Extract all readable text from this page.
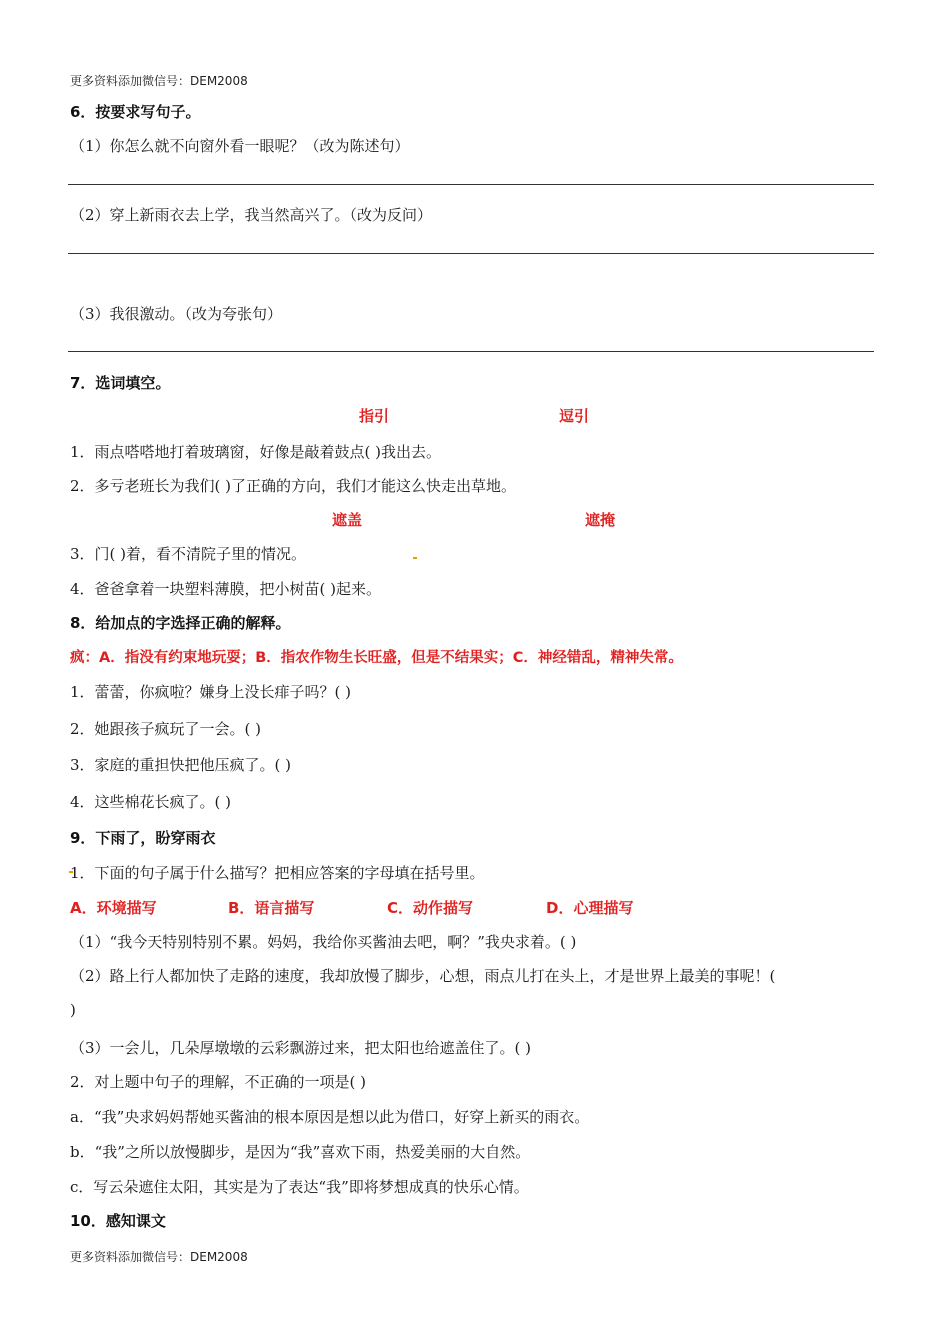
更多资料添加微信号：DEM2008
6．按要求写句子。
（1）你怎么就不向窗外看一眼呢？（改为陈述句）
（2）穿上新雨衣去上学，我当然高兴了。（改为反问）
（3）我很激动。（改为夸张句）
7．选词填空。
指引	逗引
1．雨点嗒嗒地打着玻璃窗，好像是敲着鼓点( )我出去。
2．多亏老班长为我们( )了正确的方向，我们才能这么快走出草地。
遮盖	遮掩
3．门( )着，看不清院子里的情况。
4．爸爸拿着一块塑料薄膜，把小树苗( )起来。
8．给加点的字选择正确的解释。
疯：A．指没有约束地玩耍；B．指农作物生长旺盛，但是不结果实；C．神经错乱，精神失常。
1．蕾蕾，你疯啦？嫌身上没长痱子吗？( )
2．她跟孩子疯玩了一会。( )
3．家庭的重担快把他压疯了。( )
4．这些棉花长疯了。( )
9．下雨了，盼穿雨衣
1．下面的句子属于什么描写？把相应答案的字母填在括号里。
A．环境描写	B．语言描写	C．动作描写	D．心理描写
（1）“我今天特别特别不累。妈妈，我给你买酱油去吧，啊？”我央求着。( )
（2）路上行人都加快了走路的速度，我却放慢了脚步，心想，雨点儿打在头上，才是世界上最美的事呢！(
)
（3）一会儿，几朵厚墩墩的云彩飘游过来，把太阳也给遮盖住了。( )
2．对上题中句子的理解，不正确的一项是( )
a．“我”央求妈妈帮她买酱油的根本原因是想以此为借口，好穿上新买的雨衣。
b．“我”之所以放慢脚步，是因为“我”喜欢下雨，热爱美丽的大自然。
c．写云朵遮住太阳，其实是为了表达“我”即将梦想成真的快乐心情。
10．感知课文
更多资料添加微信号：DEM2008
